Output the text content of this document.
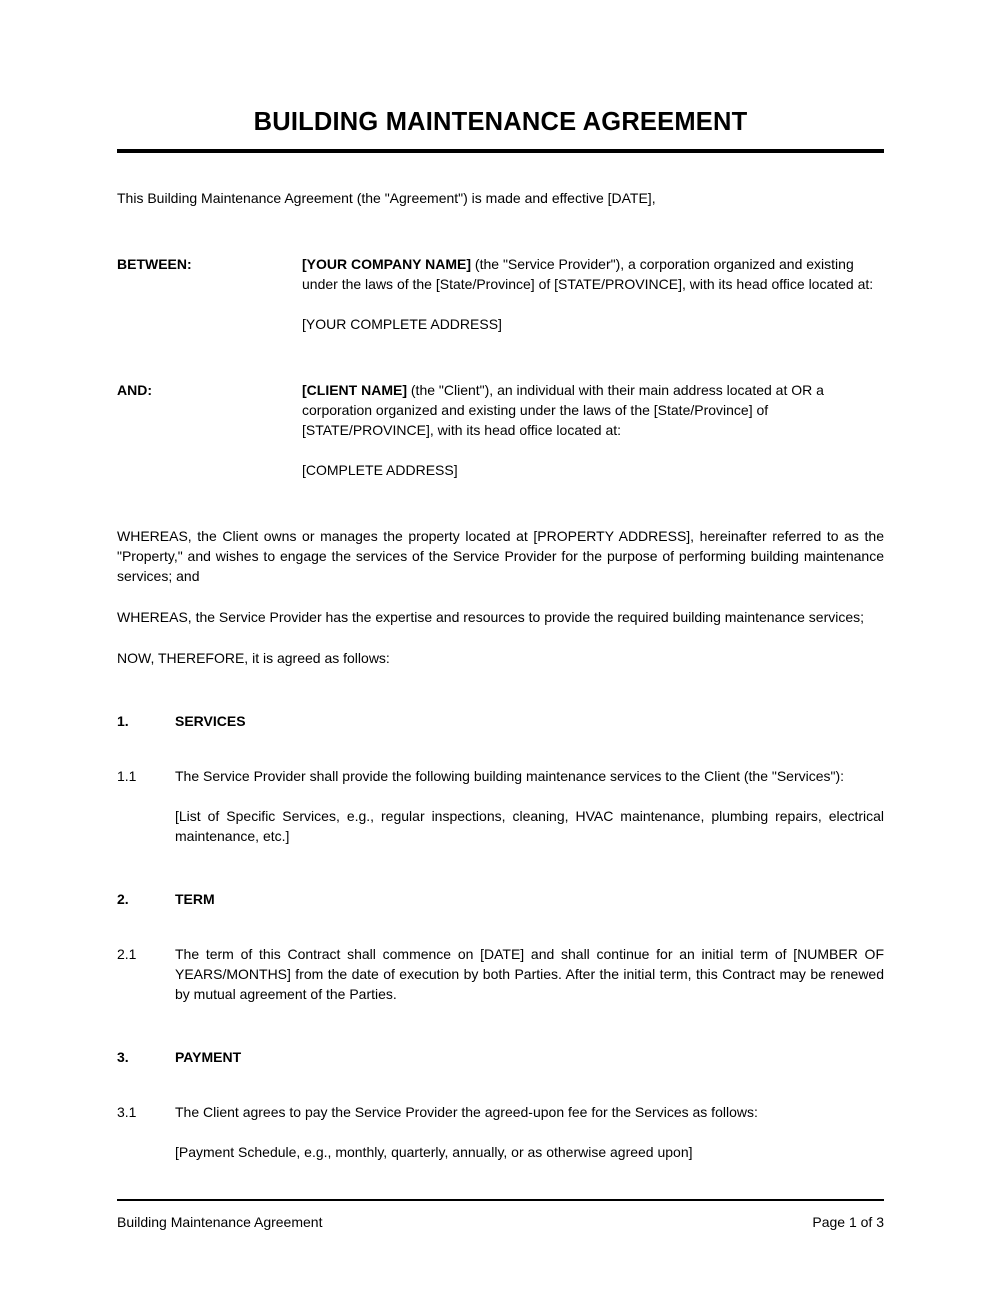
BUILDING MAINTENANCE AGREEMENT

This Building Maintenance Agreement (the "Agreement") is made and effective [DATE],

BETWEEN:	[YOUR COMPANY NAME] (the "Service Provider"), a corporation organized and existing under the laws of the [State/Province] of [STATE/PROVINCE], with its head office located at:

[YOUR COMPLETE ADDRESS]

AND:	[CLIENT NAME] (the "Client"), an individual with their main address located at OR a corporation organized and existing under the laws of the [State/Province] of [STATE/PROVINCE], with its head office located at:

[COMPLETE ADDRESS]

WHEREAS, the Client owns or manages the property located at [PROPERTY ADDRESS], hereinafter referred to as the "Property," and wishes to engage the services of the Service Provider for the purpose of performing building maintenance services; and

WHEREAS, the Service Provider has the expertise and resources to provide the required building maintenance services;

NOW, THEREFORE, it is agreed as follows:

1.	SERVICES
1.1	The Service Provider shall provide the following building maintenance services to the Client (the "Services"):

[List of Specific Services, e.g., regular inspections, cleaning, HVAC maintenance, plumbing repairs, electrical maintenance, etc.]

2.	TERM
2.1	The term of this Contract shall commence on [DATE] and shall continue for an initial term of [NUMBER OF YEARS/MONTHS] from the date of execution by both Parties. After the initial term, this Contract may be renewed by mutual agreement of the Parties.

3.	PAYMENT
3.1	The Client agrees to pay the Service Provider the agreed-upon fee for the Services as follows:

[Payment Schedule, e.g., monthly, quarterly, annually, or as otherwise agreed upon]

Building Maintenance Agreement	Page 1 of 3
